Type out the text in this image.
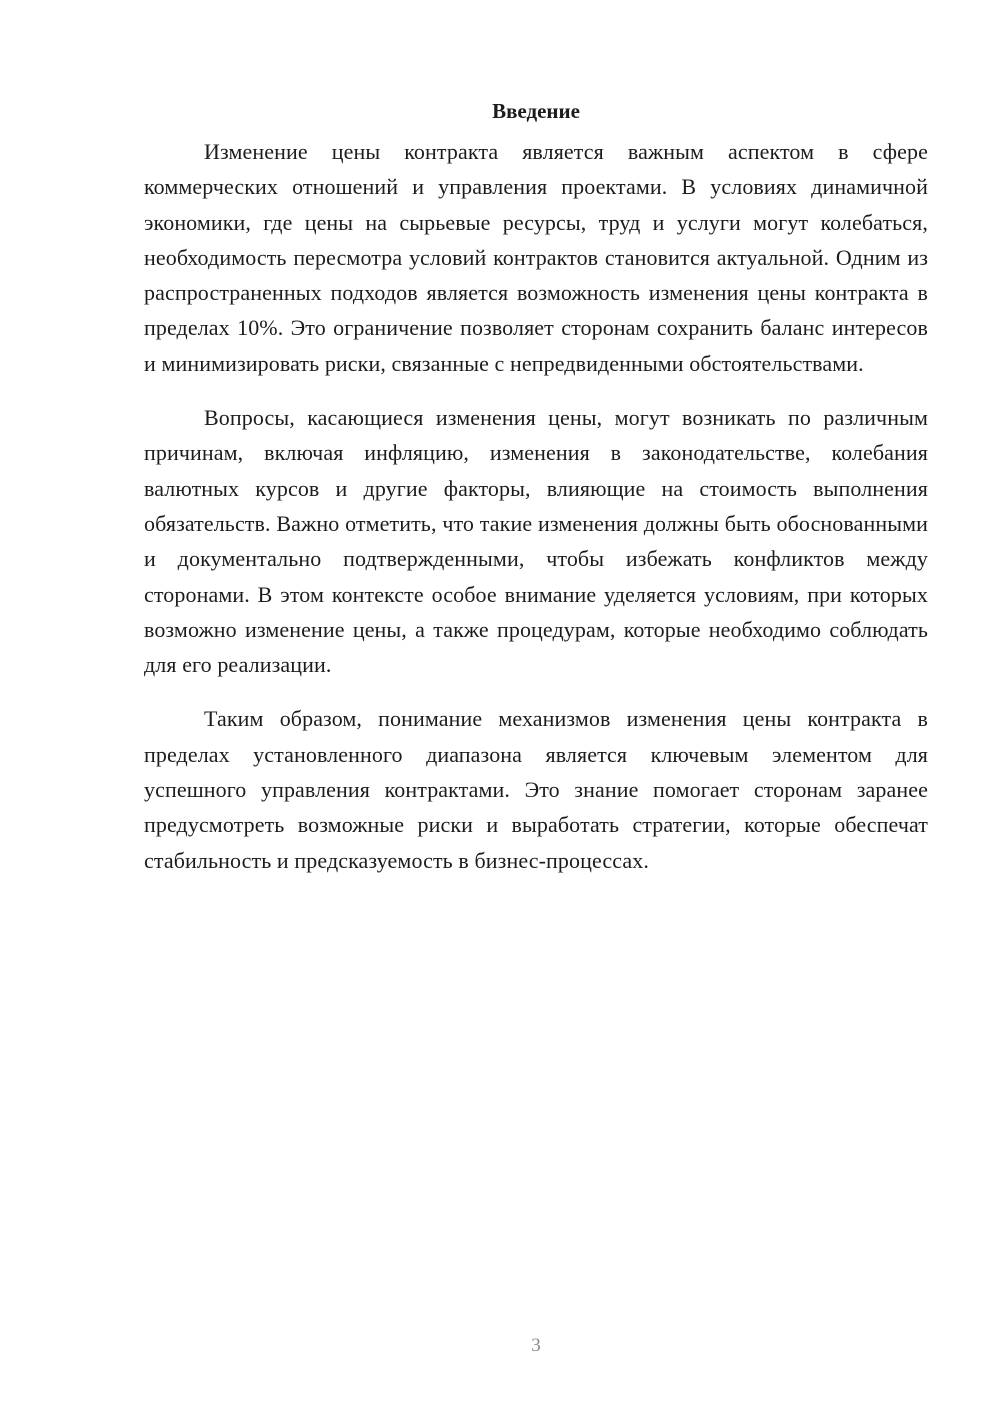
Введение

Изменение цены контракта является важным аспектом в сфере коммерческих отношений и управления проектами. В условиях динамичной экономики, где цены на сырьевые ресурсы, труд и услуги могут колебаться, необходимость пересмотра условий контрактов становится актуальной. Одним из распространенных подходов является возможность изменения цены контракта в пределах 10%. Это ограничение позволяет сторонам сохранить баланс интересов и минимизировать риски, связанные с непредвиденными обстоятельствами.

Вопросы, касающиеся изменения цены, могут возникать по различным причинам, включая инфляцию, изменения в законодательстве, колебания валютных курсов и другие факторы, влияющие на стоимость выполнения обязательств. Важно отметить, что такие изменения должны быть обоснованными и документально подтвержденными, чтобы избежать конфликтов между сторонами. В этом контексте особое внимание уделяется условиям, при которых возможно изменение цены, а также процедурам, которые необходимо соблюдать для его реализации.

Таким образом, понимание механизмов изменения цены контракта в пределах установленного диапазона является ключевым элементом для успешного управления контрактами. Это знание помогает сторонам заранее предусмотреть возможные риски и выработать стратегии, которые обеспечат стабильность и предсказуемость в бизнес-процессах.

3
